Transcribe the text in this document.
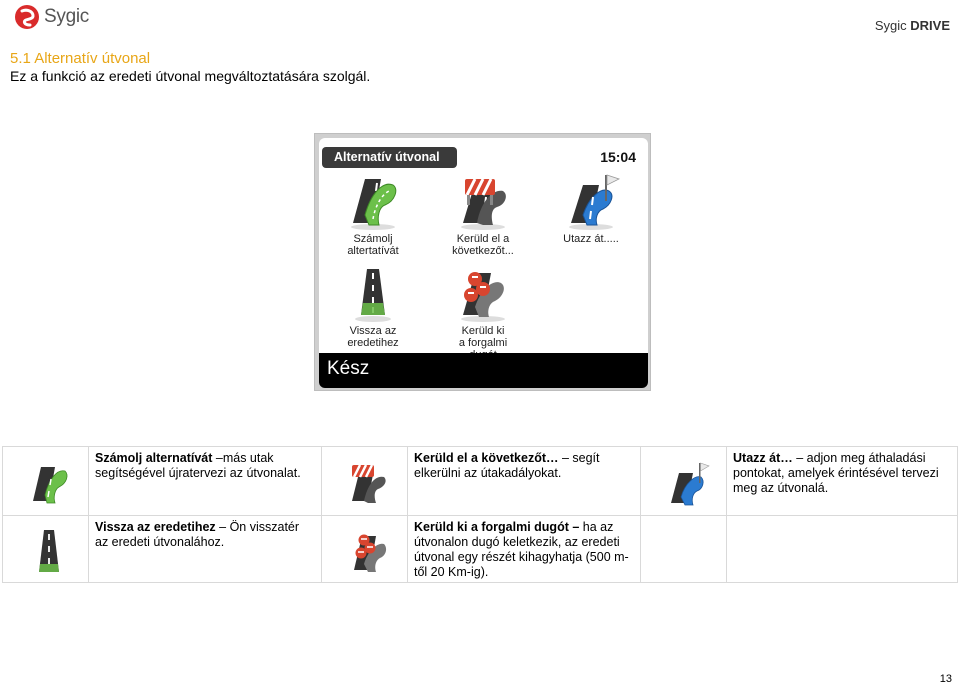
Sygic	Sygic DRIVE
5.1 Alternatív útvonal
Ez a funkció az eredeti útvonal megváltoztatására szolgál.
Alternatív útvonal	15:04
Számolj
altertatívát
Kerüld el a
következőt...
Utazz át.....
Vissza az
eredetihez
Kerüld ki
a forgalmi
Kész
	Számolj alternatívát –más utak segítségével újratervezi az útvonalat.		Kerüld el a következőt… – segít elkerülni az útakadályokat.		Utazz át… – adjon meg áthaladási pontokat, amelyek érintésével tervezi meg az útvonalá.

	Vissza az eredetihez – Ön visszatér az eredeti útvonalához.		Kerüld ki a forgalmi dugót – ha az útvonalon dugó keletkezik, az eredeti útvonal egy részét kihagyhatja (500 m-től 20 Km-ig).		
13
